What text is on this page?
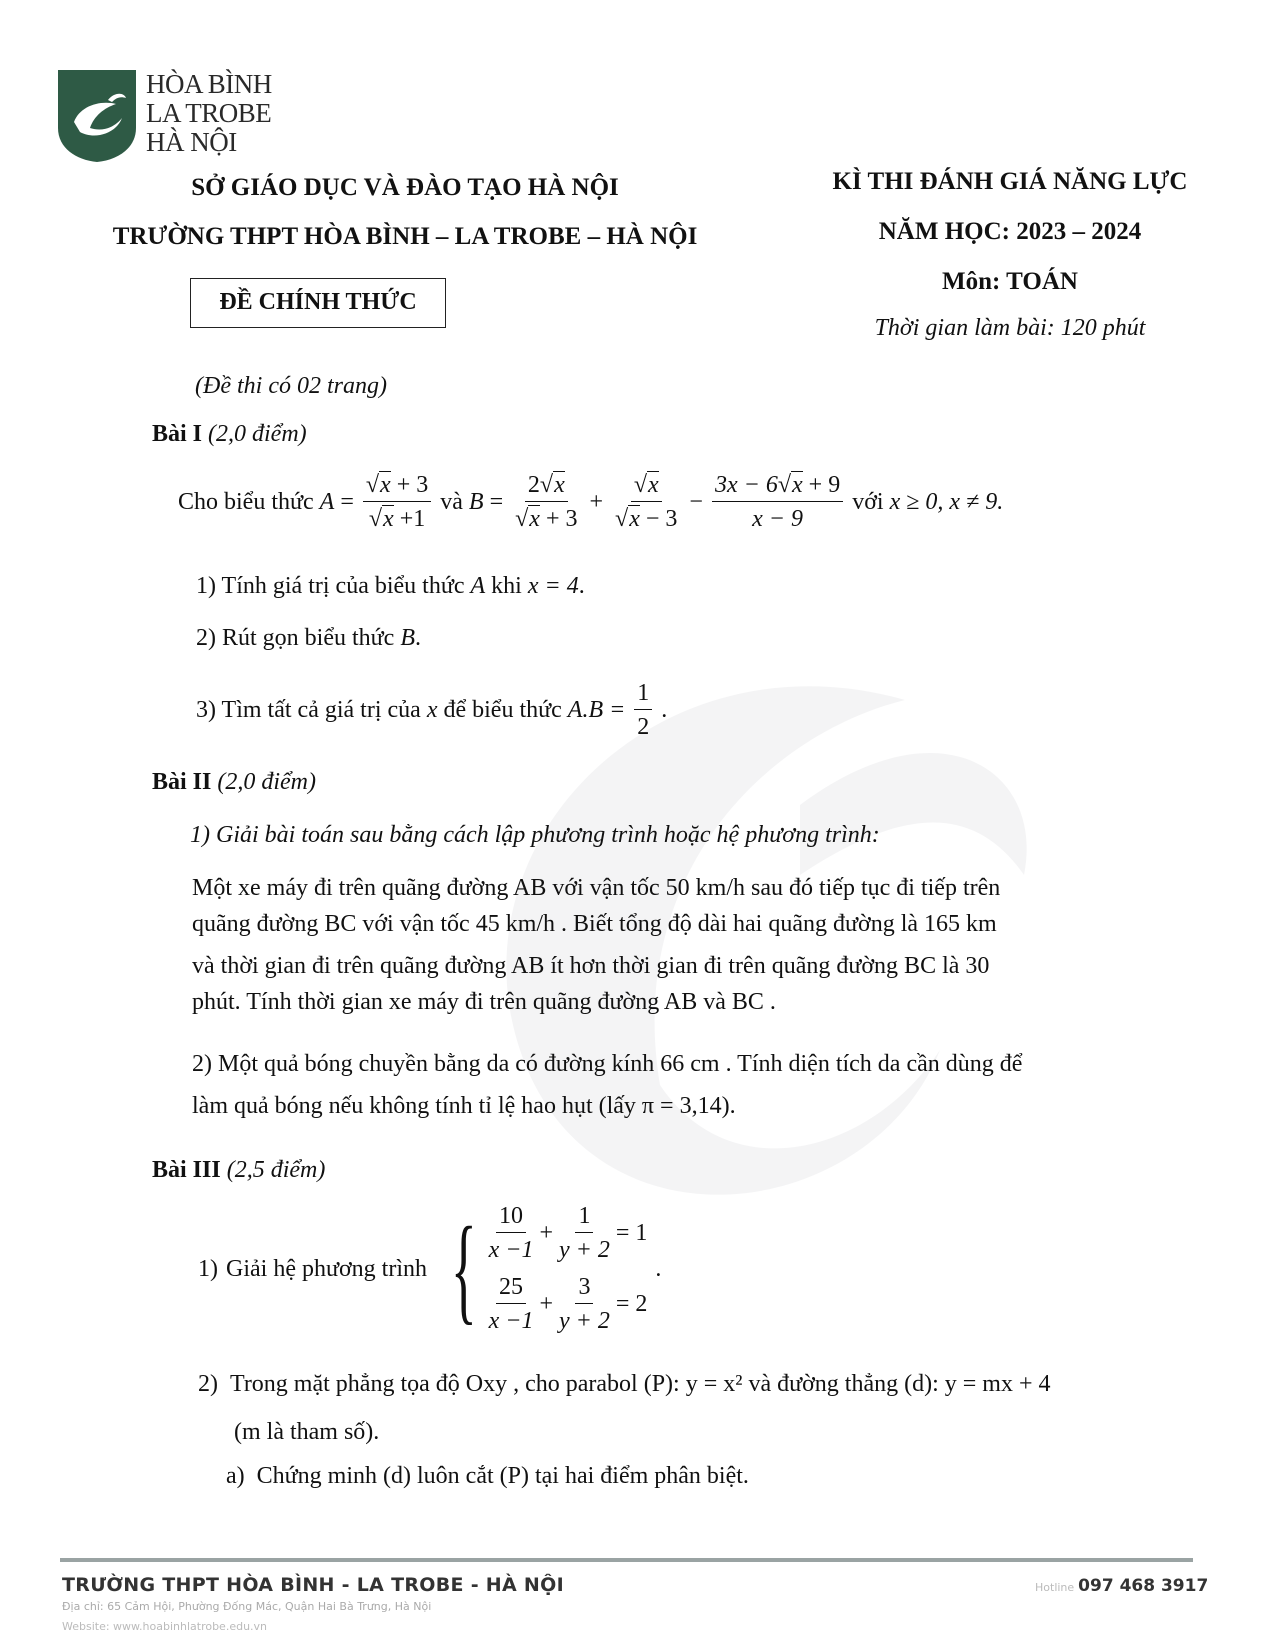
HÒA BÌNH
LA TROBE
HÀ NỘI
SỞ GIÁO DỤC VÀ ĐÀO TẠO HÀ NỘI
TRƯỜNG THPT HÒA BÌNH – LA TROBE – HÀ NỘI
ĐỀ CHÍNH THỨC
(Đề thi có 02 trang)
KÌ THI ĐÁNH GIÁ NĂNG LỰC
NĂM HỌC: 2023 – 2024
Môn: TOÁN
Thời gian làm bài: 120 phút
Bài I (2,0 điểm)
Cho biểu thức $A = \frac{√x + 3}{√x +1}$ và $B = \frac{2√x}{√x + 3} + \frac{√x}{√x - 3} - \frac{3x - 6√x + 9}{x - 9}$ với x ≥ 0, x ≠ 9.
1) Tính giá trị của biểu thức A khi x = 4.
2) Rút gọn biểu thức B.
3) Tìm tất cả giá trị của x để biểu thức $A.B = \frac{1}{2}$ .
Bài II (2,0 điểm)
1) Giải bài toán sau bằng cách lập phương trình hoặc hệ phương trình:
Một xe máy đi trên quãng đường AB với vận tốc 50 km/h sau đó tiếp tục đi tiếp trên
quãng đường BC với vận tốc 45 km/h . Biết tổng độ dài hai quãng đường là 165 km
và thời gian đi trên quãng đường AB ít hơn thời gian đi trên quãng đường BC là 30
phút. Tính thời gian xe máy đi trên quãng đường AB và BC .
2) Một quả bóng chuyền bằng da có đường kính 66 cm . Tính diện tích da cần dùng để
làm quả bóng nếu không tính tỉ lệ hao hụt (lấy π = 3,14).
Bài III (2,5 điểm)
1) Giải hệ phương trình { $\frac{10}{x -1} + \frac{1}{y + 2} = 1$
$\frac{25}{x -1} + \frac{3}{y + 2} = 2$
.
2) Trong mặt phẳng tọa độ Oxy , cho parabol (P): y = x² và đường thẳng (d): y = mx + 4
(m là tham số).
a) Chứng minh (d) luôn cắt (P) tại hai điểm phân biệt.
TRƯỜNG THPT HÒA BÌNH - LA TROBE - HÀ NỘI
Địa chỉ: 65 Cảm Hội, Phường Đống Mác, Quận Hai Bà Trưng, Hà Nội
Website: www.hoabinhlatrobe.edu.vn
Hotline 097 468 3917
